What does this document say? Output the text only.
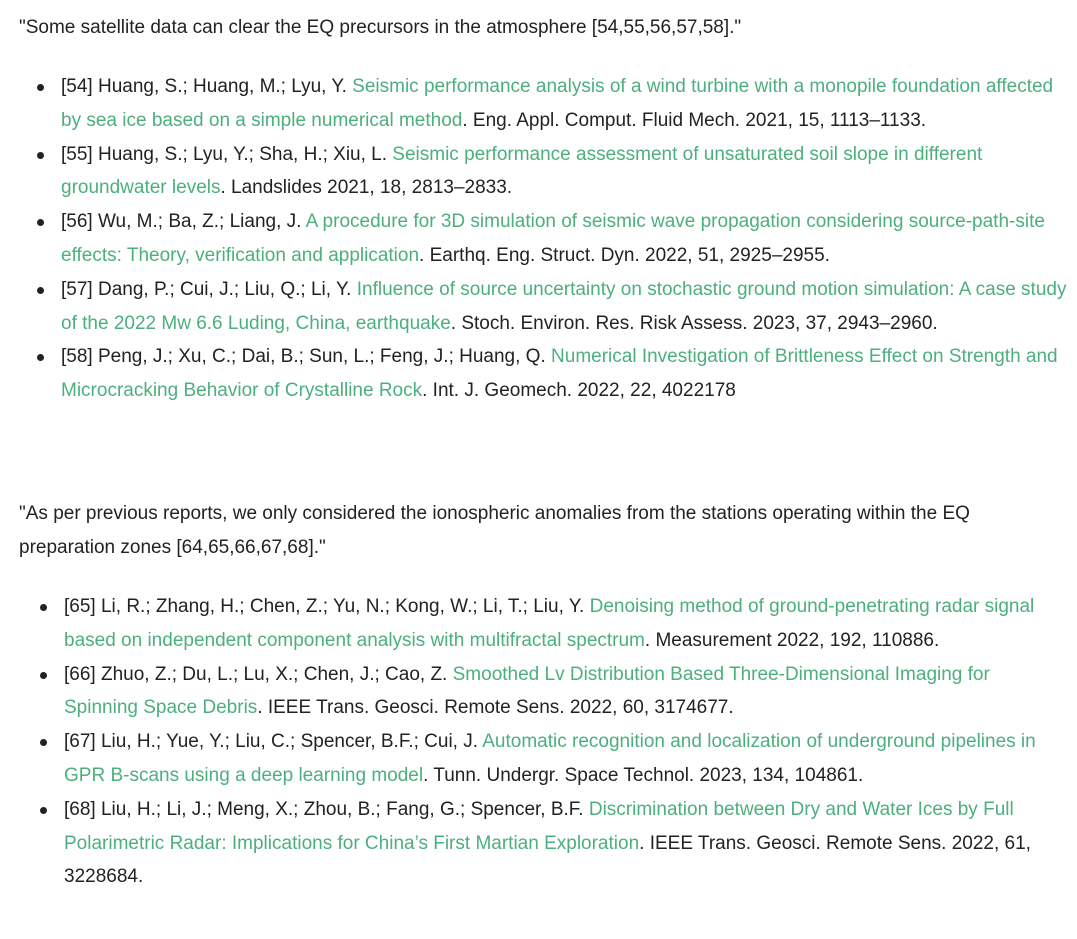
"Some satellite data can clear the EQ precursors in the atmosphere [54,55,56,57,58]."

[54] Huang, S.; Huang, M.; Lyu, Y. Seismic performance analysis of a wind turbine with a monopile foundation affected by sea ice based on a simple numerical method. Eng. Appl. Comput. Fluid Mech. 2021, 15, 1113–1133.
[55] Huang, S.; Lyu, Y.; Sha, H.; Xiu, L. Seismic performance assessment of unsaturated soil slope in different groundwater levels. Landslides 2021, 18, 2813–2833.
[56] Wu, M.; Ba, Z.; Liang, J. A procedure for 3D simulation of seismic wave propagation considering source-path-site effects: Theory, verification and application. Earthq. Eng. Struct. Dyn. 2022, 51, 2925–2955.
[57] Dang, P.; Cui, J.; Liu, Q.; Li, Y. Influence of source uncertainty on stochastic ground motion simulation: A case study of the 2022 Mw 6.6 Luding, China, earthquake. Stoch. Environ. Res. Risk Assess. 2023, 37, 2943–2960.
[58] Peng, J.; Xu, C.; Dai, B.; Sun, L.; Feng, J.; Huang, Q. Numerical Investigation of Brittleness Effect on Strength and Microcracking Behavior of Crystalline Rock. Int. J. Geomech. 2022, 22, 4022178

"As per previous reports, we only considered the ionospheric anomalies from the stations operating within the EQ preparation zones [64,65,66,67,68]."

[65] Li, R.; Zhang, H.; Chen, Z.; Yu, N.; Kong, W.; Li, T.; Liu, Y. Denoising method of ground-penetrating radar signal based on independent component analysis with multifractal spectrum. Measurement 2022, 192, 110886.
[66] Zhuo, Z.; Du, L.; Lu, X.; Chen, J.; Cao, Z. Smoothed Lv Distribution Based Three-Dimensional Imaging for Spinning Space Debris. IEEE Trans. Geosci. Remote Sens. 2022, 60, 3174677.
[67] Liu, H.; Yue, Y.; Liu, C.; Spencer, B.F.; Cui, J. Automatic recognition and localization of underground pipelines in GPR B-scans using a deep learning model. Tunn. Undergr. Space Technol. 2023, 134, 104861.
[68] Liu, H.; Li, J.; Meng, X.; Zhou, B.; Fang, G.; Spencer, B.F. Discrimination between Dry and Water Ices by Full Polarimetric Radar: Implications for China’s First Martian Exploration. IEEE Trans. Geosci. Remote Sens. 2022, 61, 3228684.
